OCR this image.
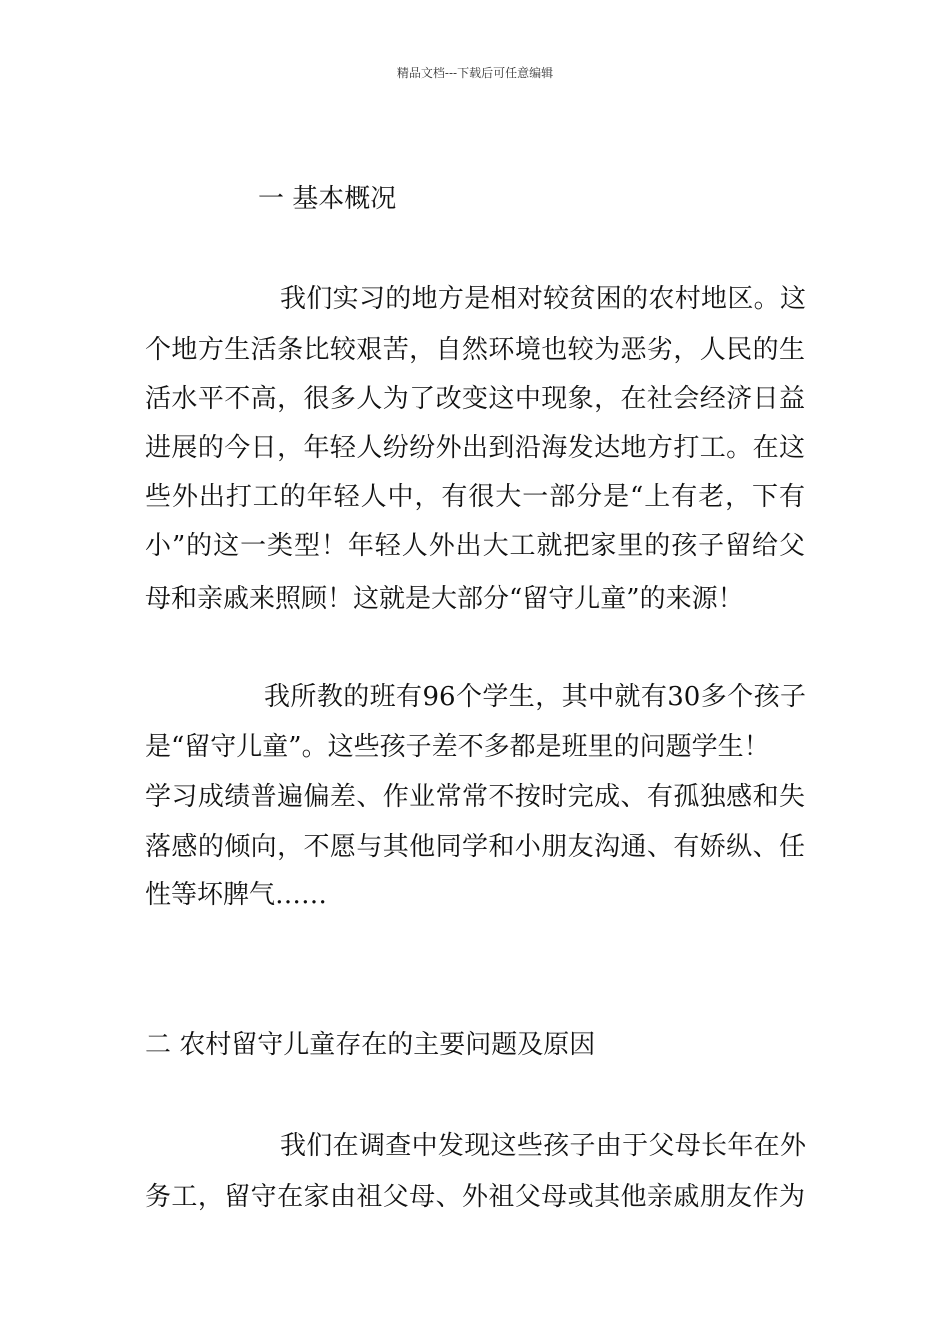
精品文档---下载后可任意编辑
一 基本概况
我们实习的地方是相对较贫困的农村地区。这
个地方生活条比较艰苦，自然环境也较为恶劣，人民的生
活水平不高，很多人为了改变这中现象，在社会经济日益
进展的今日，年轻人纷纷外出到沿海发达地方打工。在这
些外出打工的年轻人中，有很大一部分是“上有老，下有
小”的这一类型！年轻人外出大工就把家里的孩子留给父
母和亲戚来照顾！这就是大部分“留守儿童”的来源！
我所教的班有96个学生，其中就有30多个孩子
是“留守儿童”。这些孩子差不多都是班里的问题学生！
学习成绩普遍偏差、作业常常不按时完成、有孤独感和失
落感的倾向，不愿与其他同学和小朋友沟通、有娇纵、任
性等坏脾气……
二 农村留守儿童存在的主要问题及原因
我们在调查中发现这些孩子由于父母长年在外
务工，留守在家由祖父母、外祖父母或其他亲戚朋友作为
